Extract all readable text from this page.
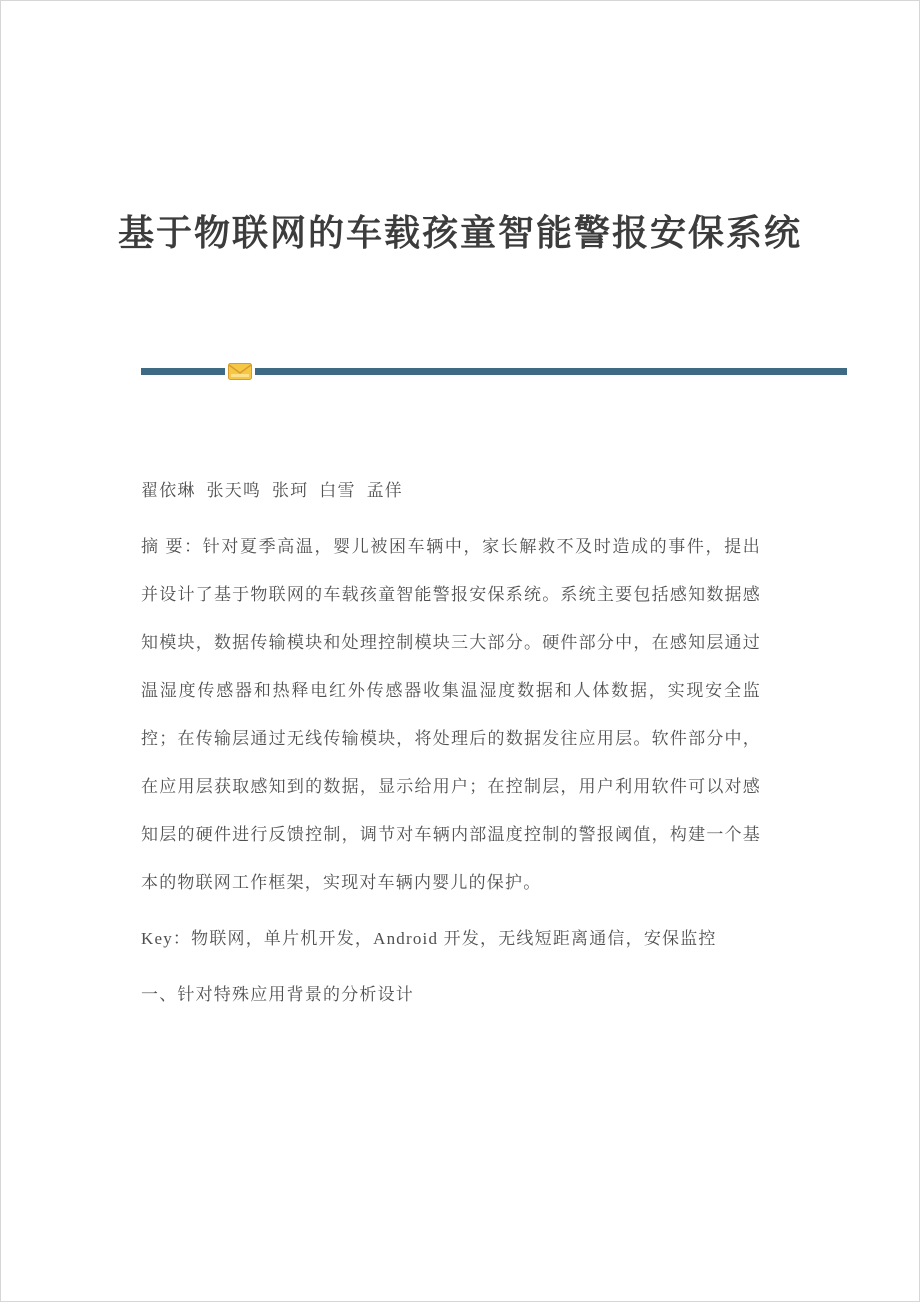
基于物联网的车载孩童智能警报安保系统

翟依琳  张天鸣  张珂  白雪  孟佯

摘 要：针对夏季高温，婴儿被困车辆中，家长解救不及时造成的事件，提出并设计了基于物联网的车载孩童智能警报安保系统。系统主要包括感知数据感知模块，数据传输模块和处理控制模块三大部分。硬件部分中，在感知层通过温湿度传感器和热释电红外传感器收集温湿度数据和人体数据，实现安全监控；在传输层通过无线传输模块，将处理后的数据发往应用层。软件部分中，在应用层获取感知到的数据，显示给用户；在控制层，用户利用软件可以对感知层的硬件进行反馈控制，调节对车辆内部温度控制的警报阈值，构建一个基本的物联网工作框架，实现对车辆内婴儿的保护。

Key：物联网，单片机开发，Android 开发，无线短距离通信，安保监控

一、针对特殊应用背景的分析设计
